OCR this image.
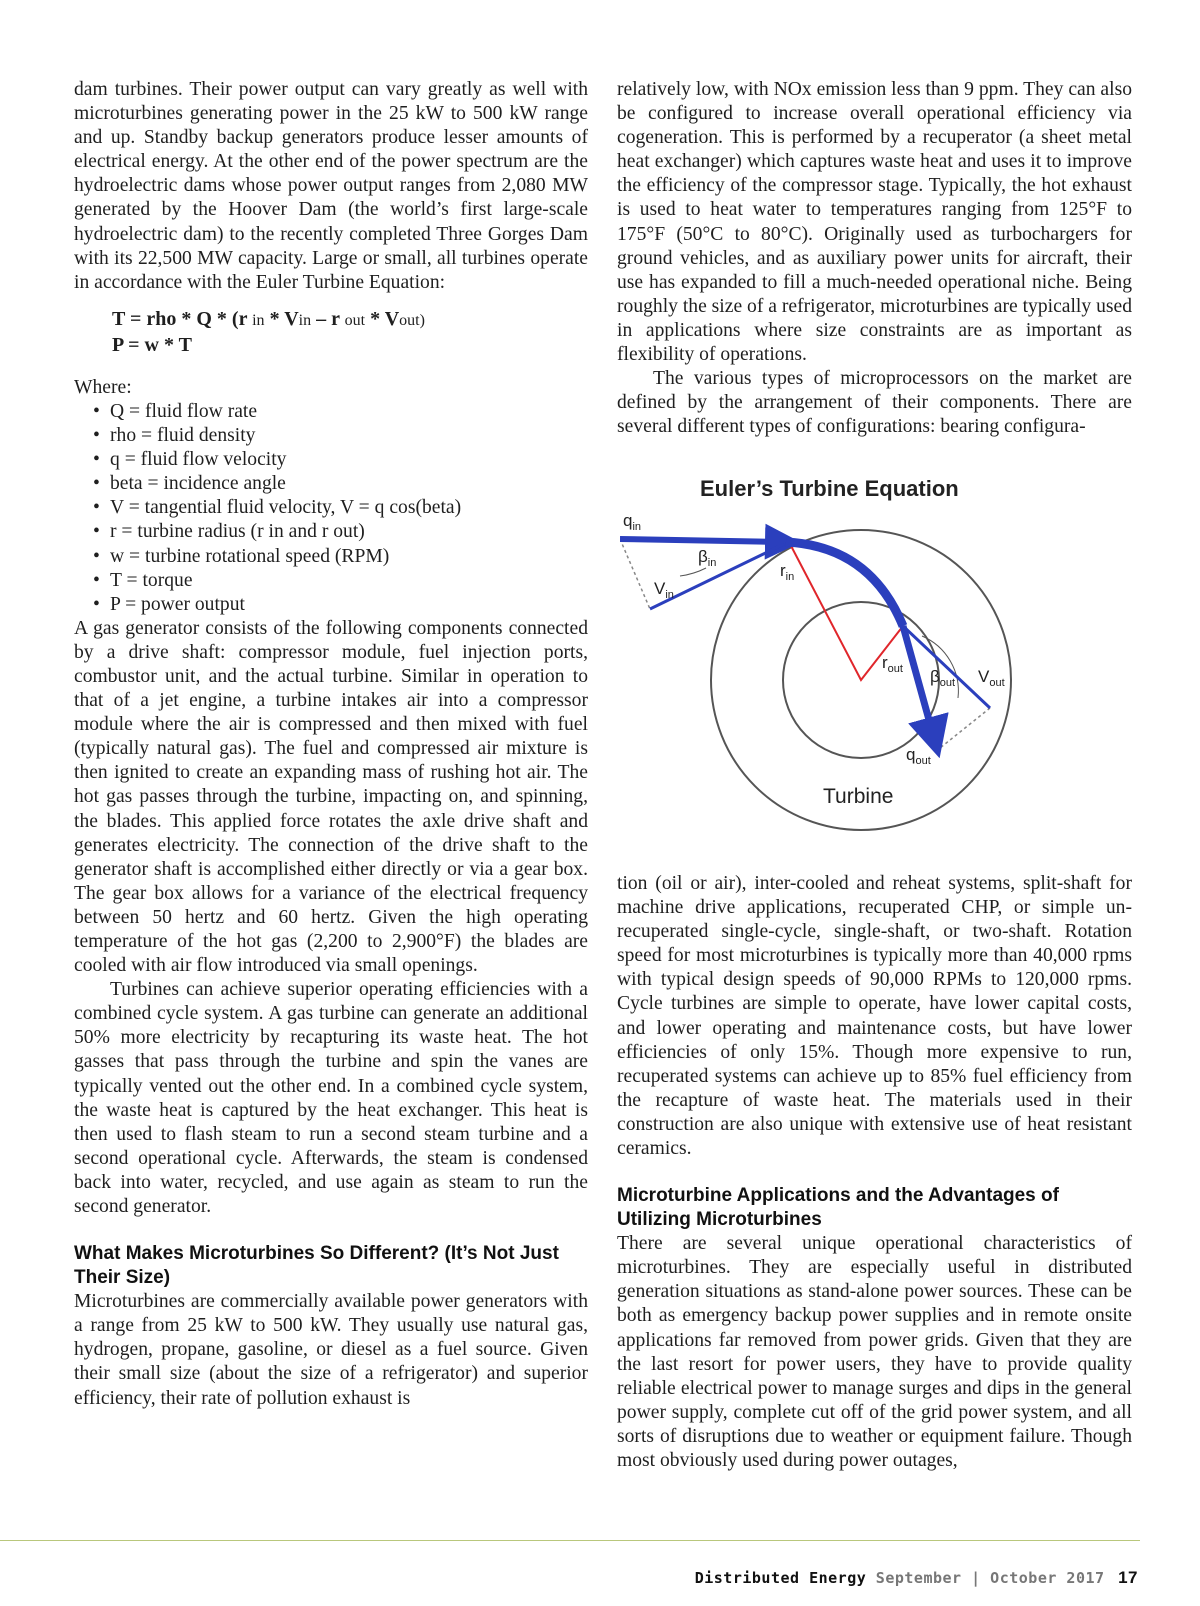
dam turbines. Their power output can vary greatly as well with microturbines generating power in the 25 kW to 500 kW range and up. Standby backup generators produce lesser amounts of electrical energy. At the other end of the power spectrum are the hydroelectric dams whose power output ranges from 2,080 MW generated by the Hoover Dam (the world’s first large-scale hydroelectric dam) to the recently completed Three Gorges Dam with its 22,500 MW capacity. Large or small, all turbines operate in accordance with the Euler Turbine Equation:

T = rho * Q * (r in * Vin – r out * Vout)
P = w * T

Where:

• Q = fluid flow rate
• rho = fluid density
• q = fluid flow velocity
• beta = incidence angle
• V = tangential fluid velocity, V = q cos(beta)
• r = turbine radius (r in and r out)
• w = turbine rotational speed (RPM)
• T = torque
• P = power output

A gas generator consists of the following components connected by a drive shaft: compressor module, fuel injection ports, combustor unit, and the actual turbine. Similar in operation to that of a jet engine, a turbine intakes air into a compressor module where the air is compressed and then mixed with fuel (typically natural gas). The fuel and compressed air mixture is then ignited to create an expanding mass of rushing hot air. The hot gas passes through the turbine, impacting on, and spinning, the blades. This applied force rotates the axle drive shaft and generates electricity. The connection of the drive shaft to the generator shaft is accomplished either directly or via a gear box. The gear box allows for a variance of the electrical frequency between 50 hertz and 60 hertz. Given the high operating temperature of the hot gas (2,200 to 2,900°F) the blades are cooled with air flow introduced via small openings.

Turbines can achieve superior operating efficiencies with a combined cycle system. A gas turbine can generate an additional 50% more electricity by recapturing its waste heat. The hot gasses that pass through the turbine and spin the vanes are typically vented out the other end. In a combined cycle system, the waste heat is captured by the heat exchanger. This heat is then used to flash steam to run a second steam turbine and a second operational cycle. Afterwards, the steam is condensed back into water, recycled, and use again as steam to run the second generator.

What Makes Microturbines So Different? (It’s Not Just Their Size)

Microturbines are commercially available power generators with a range from 25 kW to 500 kW. They usually use natural gas, hydrogen, propane, gasoline, or diesel as a fuel source. Given their small size (about the size of a refrigerator) and superior efficiency, their rate of pollution exhaust is

relatively low, with NOx emission less than 9 ppm. They can also be configured to increase overall operational efficiency via cogeneration. This is performed by a recuperator (a sheet metal heat exchanger) which captures waste heat and uses it to improve the efficiency of the compressor stage. Typically, the hot exhaust is used to heat water to temperatures ranging from 125°F to 175°F (50°C to 80°C). Originally used as turbochargers for ground vehicles, and as auxiliary power units for aircraft, their use has expanded to fill a much-needed operational niche. Being roughly the size of a refrigerator, microturbines are typically used in applications where size constraints are as important as flexibility of operations.

The various types of microprocessors on the market are defined by the arrangement of their components. There are several different types of configurations: bearing configura-

Euler’s Turbine Equation
$q_{in}$
$\beta_{in}$
$V_{in}$
$r_{in}$
$r_{out}$ $\beta_{out}$ $V_{out}$
$q_{out}$
Turbine

tion (oil or air), inter-cooled and reheat systems, split-shaft for machine drive applications, recuperated CHP, or simple un-recuperated single-cycle, single-shaft, or two-shaft. Rotation speed for most microturbines is typically more than 40,000 rpms with typical design speeds of 90,000 RPMs to 120,000 rpms. Cycle turbines are simple to operate, have lower capital costs, and lower operating and maintenance costs, but have lower efficiencies of only 15%. Though more expensive to run, recuperated systems can achieve up to 85% fuel efficiency from the recapture of waste heat. The materials used in their construction are also unique with extensive use of heat resistant ceramics.

Microturbine Applications and the Advantages of Utilizing Microturbines

There are several unique operational characteristics of microturbines. They are especially useful in distributed generation situations as stand-alone power sources. These can be both as emergency backup power supplies and in remote onsite applications far removed from power grids. Given that they are the last resort for power users, they have to provide quality reliable electrical power to manage surges and dips in the general power supply, complete cut off of the grid power system, and all sorts of disruptions due to weather or equipment failure. Though most obviously used during power outages,

Distributed Energy September | October 2017 17
